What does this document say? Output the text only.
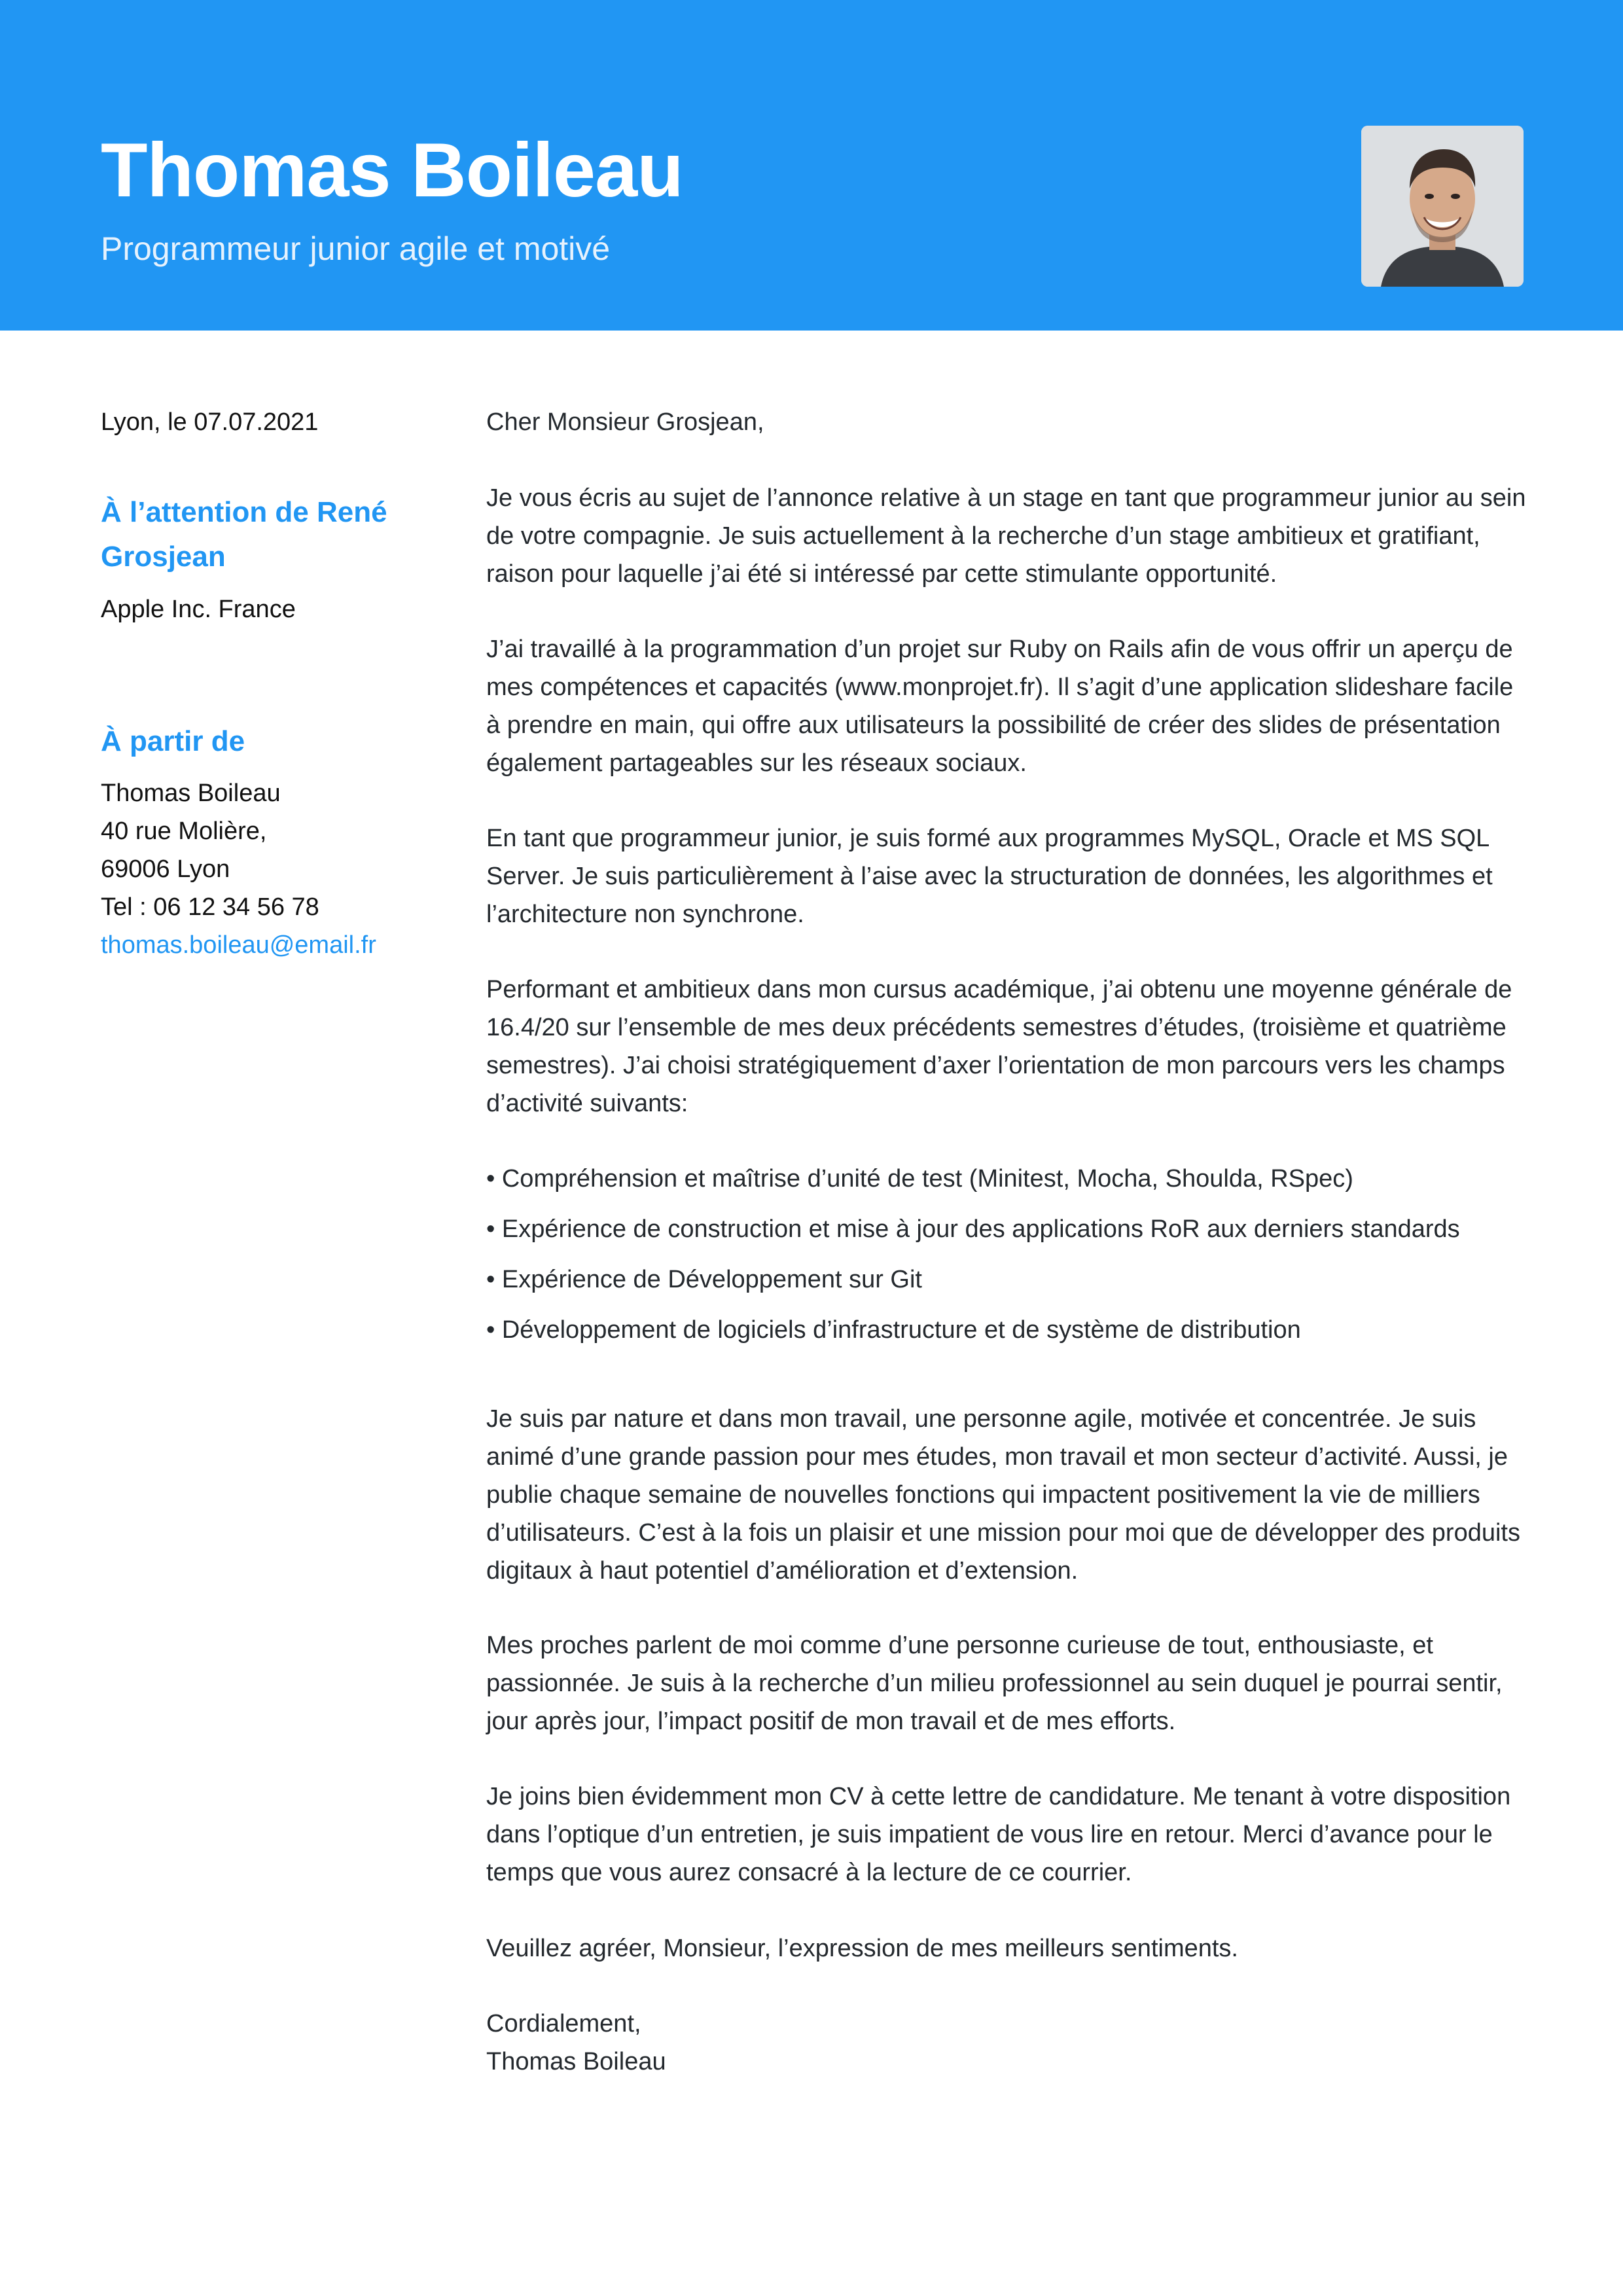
Thomas Boileau

Programmeur junior agile et motivé

Lyon, le 07.07.2021

À l’attention de René

Grosjean

Apple Inc. France

À partir de

Thomas Boileau

40 rue Molière,

69006 Lyon

Tel : 06 12 34 56 78

thomas.boileau@email.fr

Cher Monsieur Grosjean,

Je vous écris au sujet de l’annonce relative à un stage en tant que programmeur junior au sein de votre compagnie. Je suis actuellement à la recherche d’un stage ambitieux et gratifiant, raison pour laquelle j’ai été si intéressé par cette stimulante opportunité.

J’ai travaillé à la programmation d’un projet sur Ruby on Rails afin de vous offrir un aperçu de mes compétences et capacités (www.monprojet.fr). Il s’agit d’une application slideshare facile à prendre en main, qui offre aux utilisateurs la possibilité de créer des slides de présentation également partageables sur les réseaux sociaux.

En tant que programmeur junior, je suis formé aux programmes MySQL, Oracle et MS SQL Server. Je suis particulièrement à l’aise avec la structuration de données, les algorithmes et l’architecture non synchrone.

Performant et ambitieux dans mon cursus académique, j’ai obtenu une moyenne générale de 16.4/20 sur l’ensemble de mes deux précédents semestres d’études, (troisième et quatrième semestres). J’ai choisi stratégiquement d’axer l’orientation de mon parcours vers les champs d’activité suivants:

• Compréhension et maîtrise d’unité de test (Minitest, Mocha, Shoulda, RSpec)

• Expérience de construction et mise à jour des applications RoR aux derniers standards

• Expérience de Développement sur Git

• Développement de logiciels d’infrastructure et de système de distribution

Je suis par nature et dans mon travail, une personne agile, motivée et concentrée. Je suis animé d’une grande passion pour mes études, mon travail et mon secteur d’activité. Aussi, je publie chaque semaine de nouvelles fonctions qui impactent positivement la vie de milliers d’utilisateurs. C’est à la fois un plaisir et une mission pour moi que de développer des produits digitaux à haut potentiel d’amélioration et d’extension.

Mes proches parlent de moi comme d’une personne curieuse de tout, enthousiaste, et passionnée. Je suis à la recherche d’un milieu professionnel au sein duquel je pourrai sentir, jour après jour, l’impact positif de mon travail et de mes efforts.

Je joins bien évidemment mon CV à cette lettre de candidature. Me tenant à votre disposition dans l’optique d’un entretien, je suis impatient de vous lire en retour. Merci d’avance pour le temps que vous aurez consacré à la lecture de ce courrier.

Veuillez agréer, Monsieur, l’expression de mes meilleurs sentiments.

Cordialement,

Thomas Boileau
